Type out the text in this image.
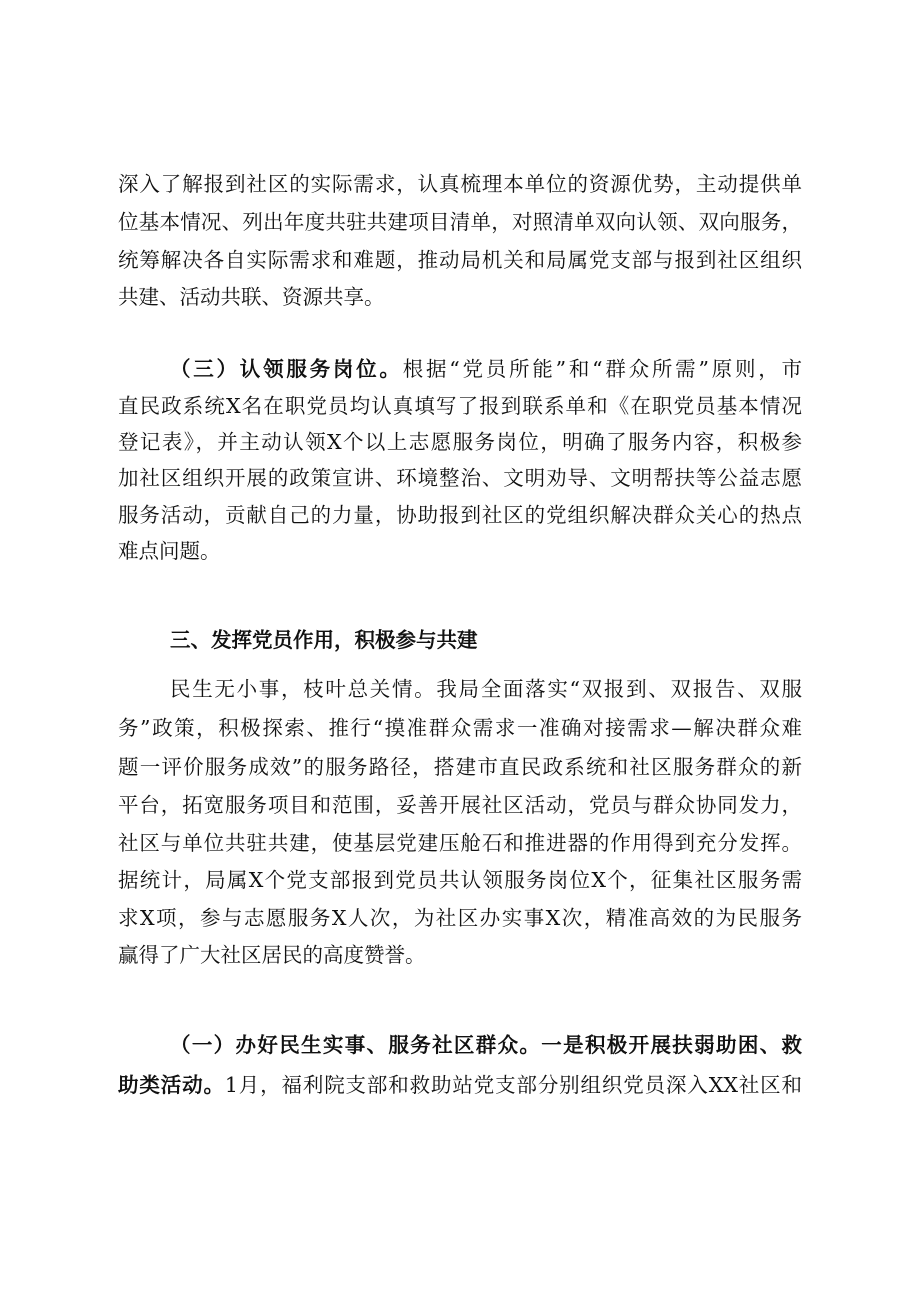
深入了解报到社区的实际需求，认真梳理本单位的资源优势，主动提供单
位基本情况、列出年度共驻共建项目清单，对照清单双向认领、双向服务，
统筹解决各自实际需求和难题，推动局机关和局属党支部与报到社区组织
共建、活动共联、资源共享。
（三）认领服务岗位。根据“党员所能”和“群众所需”原则，市
直民政系统X名在职党员均认真填写了报到联系单和《在职党员基本情况
登记表》，并主动认领X个以上志愿服务岗位，明确了服务内容，积极参
加社区组织开展的政策宣讲、环境整治、文明劝导、文明帮扶等公益志愿
服务活动，贡献自己的力量，协助报到社区的党组织解决群众关心的热点
难点问题。
三、发挥党员作用，积极参与共建
民生无小事，枝叶总关情。我局全面落实“双报到、双报告、双服
务”政策，积极探索、推行“摸准群众需求一准确对接需求—解决群众难
题一评价服务成效”的服务路径，搭建市直民政系统和社区服务群众的新
平台，拓宽服务项目和范围，妥善开展社区活动，党员与群众协同发力，
社区与单位共驻共建，使基层党建压舱石和推进器的作用得到充分发挥。
据统计，局属X个党支部报到党员共认领服务岗位X个，征集社区服务需
求X项，参与志愿服务X人次，为社区办实事X次，精准高效的为民服务
赢得了广大社区居民的高度赞誉。
（一）办好民生实事、服务社区群众。一是积极开展扶弱助困、救
助类活动。1月，福利院支部和救助站党支部分别组织党员深入XX社区和
